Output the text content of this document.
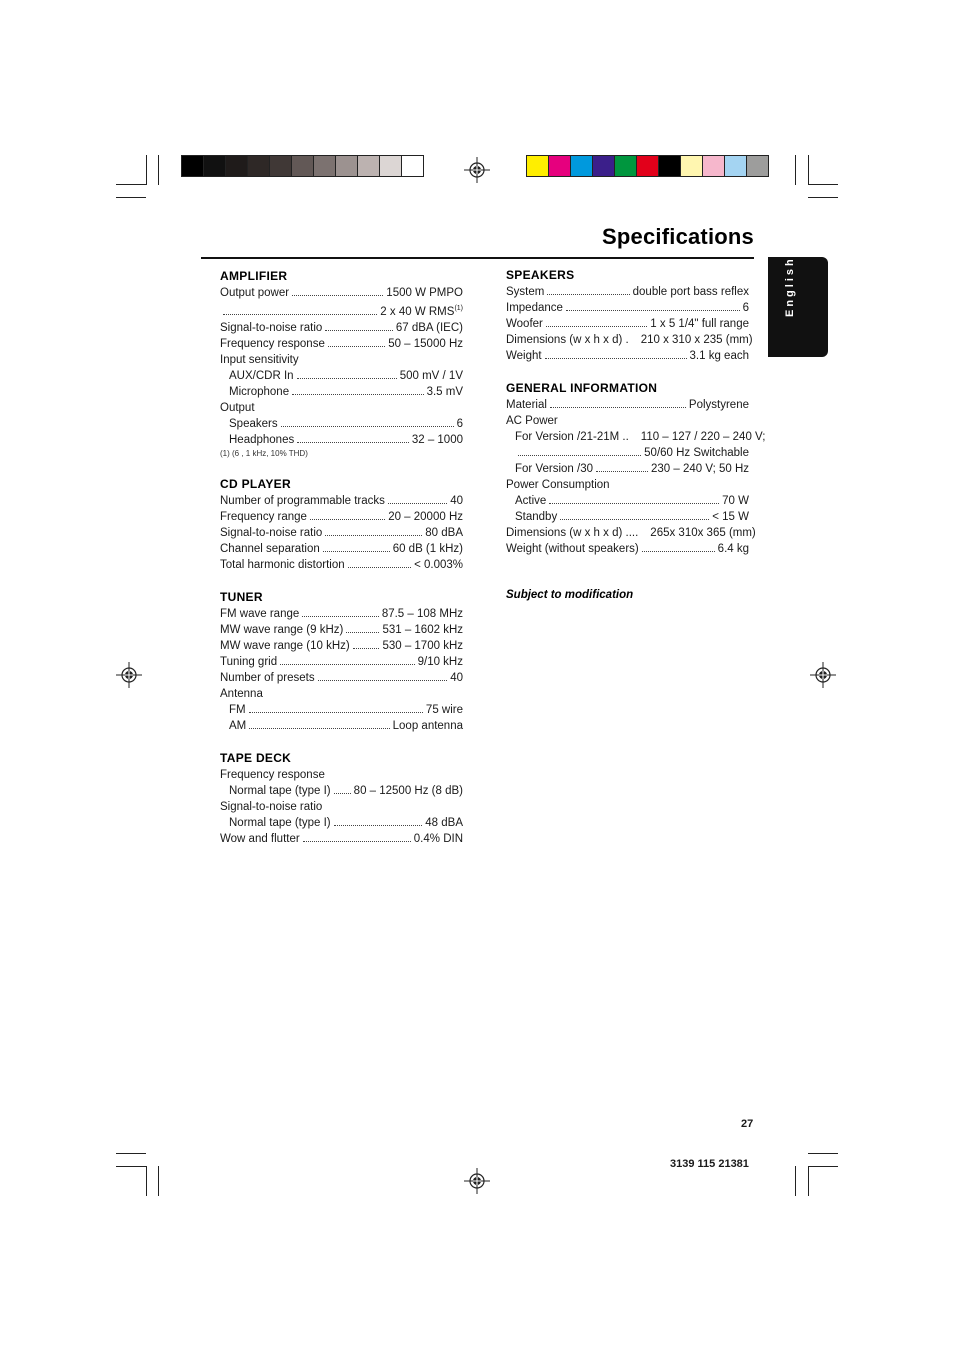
Specifications
English
AMPLIFIER
Output power	1500 W PMPO
2 x 40 W RMS$^{(1)}$
Signal-to-noise ratio	67 dBA (IEC)
Frequency response	50 – 15000 Hz
Input sensitivity
AUX/CDR In	500 mV / 1V
Microphone	3.5 mV
Output
Speakers	6
Headphones	32 – 1000
(1) (6 , 1 kHz, 10% THD)
CD PLAYER
Number of programmable tracks	40
Frequency range	20 – 20000 Hz
Signal-to-noise ratio	80 dBA
Channel separation	60 dB (1 kHz)
Total harmonic distortion	< 0.003%
TUNER
FM wave range	87.5 – 108 MHz
MW wave range (9 kHz)	531 – 1602 kHz
MW wave range (10 kHz)	530 – 1700 kHz
Tuning grid	9/10 kHz
Number of presets	40
Antenna
FM	75 wire
AM	Loop antenna
TAPE DECK
Frequency response
Normal tape (type I) 80 – 12500 Hz (8 dB)
Signal-to-noise ratio
Normal tape (type I)	48 dBA
Wow and flutter	0.4% DIN
SPEAKERS
System	double port bass reflex
Impedance	6
Woofer	1 x 5 1/4" full range
Dimensions (w x h x d) . 210 x 310 x 235 (mm)
Weight	3.1 kg each
GENERAL INFORMATION
Material	Polystyrene
AC Power
For Version /21-21M .. 110 – 127 / 220 – 240 V;
50/60 Hz Switchable
For Version /30	230 – 240 V; 50 Hz
Power Consumption
Active	70 W
Standby	< 15 W
Dimensions (w x h x d) .... 265x 310x 365 (mm)
Weight (without speakers)	6.4 kg
Subject to modification
27
3139 115 21381
